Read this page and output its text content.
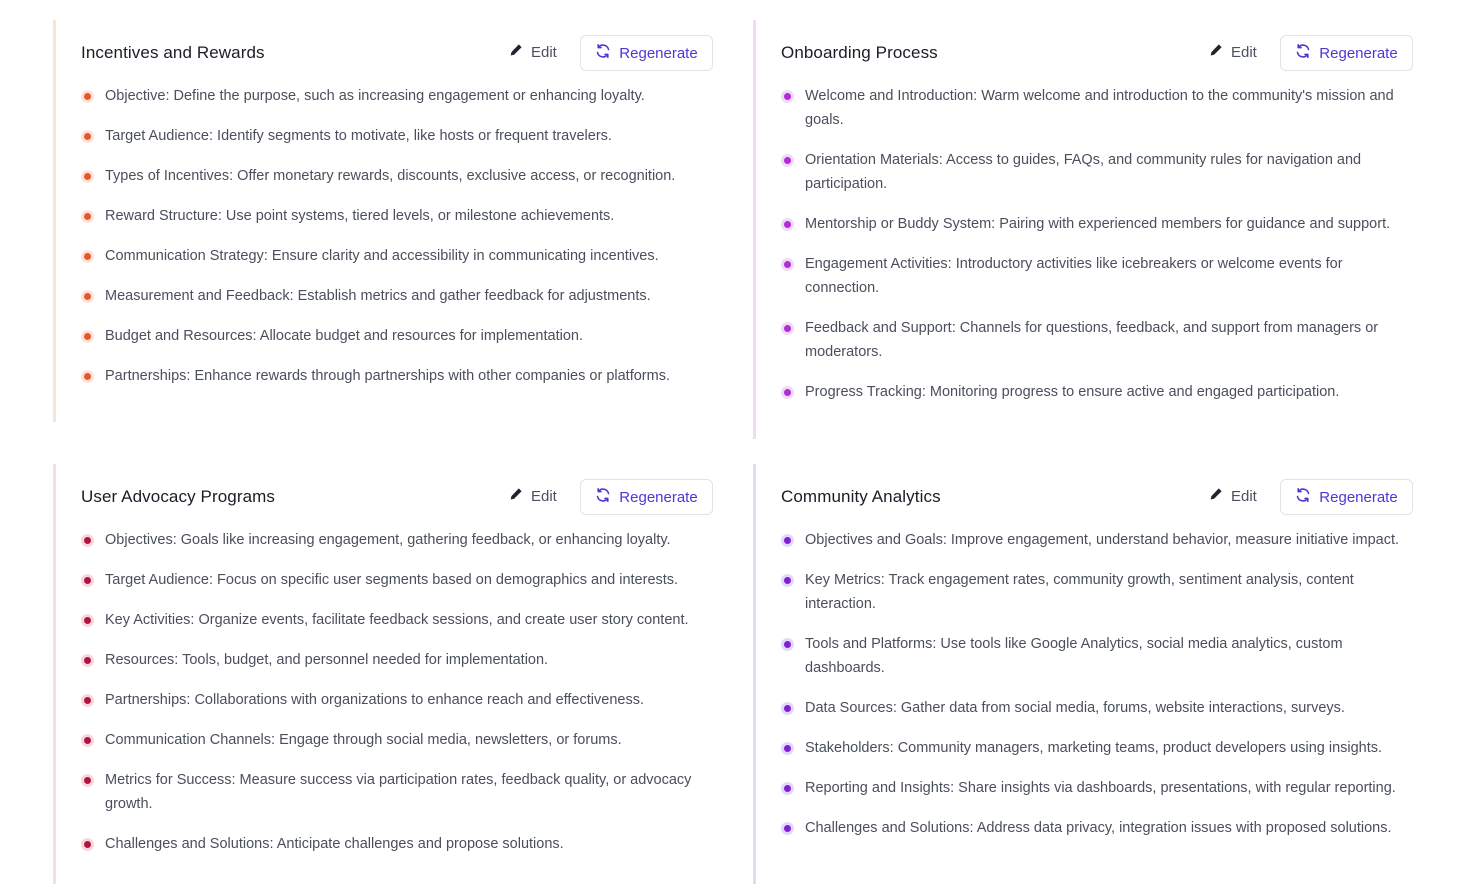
Incentives and Rewards	Edit	Regenerate
Objective: Define the purpose, such as increasing engagement or enhancing loyalty.
Target Audience: Identify segments to motivate, like hosts or frequent travelers.
Types of Incentives: Offer monetary rewards, discounts, exclusive access, or recognition.
Reward Structure: Use point systems, tiered levels, or milestone achievements.
Communication Strategy: Ensure clarity and accessibility in communicating incentives.
Measurement and Feedback: Establish metrics and gather feedback for adjustments.
Budget and Resources: Allocate budget and resources for implementation.
Partnerships: Enhance rewards through partnerships with other companies or platforms.
Onboarding Process	Edit	Regenerate
Welcome and Introduction: Warm welcome and introduction to the community's mission and goals.
Orientation Materials: Access to guides, FAQs, and community rules for navigation and participation.
Mentorship or Buddy System: Pairing with experienced members for guidance and support.
Engagement Activities: Introductory activities like icebreakers or welcome events for connection.
Feedback and Support: Channels for questions, feedback, and support from managers or moderators.
Progress Tracking: Monitoring progress to ensure active and engaged participation.
User Advocacy Programs	Edit	Regenerate
Objectives: Goals like increasing engagement, gathering feedback, or enhancing loyalty.
Target Audience: Focus on specific user segments based on demographics and interests.
Key Activities: Organize events, facilitate feedback sessions, and create user story content.
Resources: Tools, budget, and personnel needed for implementation.
Partnerships: Collaborations with organizations to enhance reach and effectiveness.
Communication Channels: Engage through social media, newsletters, or forums.
Metrics for Success: Measure success via participation rates, feedback quality, or advocacy growth.
Challenges and Solutions: Anticipate challenges and propose solutions.
Community Analytics	Edit	Regenerate
Objectives and Goals: Improve engagement, understand behavior, measure initiative impact.
Key Metrics: Track engagement rates, community growth, sentiment analysis, content interaction.
Tools and Platforms: Use tools like Google Analytics, social media analytics, custom dashboards.
Data Sources: Gather data from social media, forums, website interactions, surveys.
Stakeholders: Community managers, marketing teams, product developers using insights.
Reporting and Insights: Share insights via dashboards, presentations, with regular reporting.
Challenges and Solutions: Address data privacy, integration issues with proposed solutions.
